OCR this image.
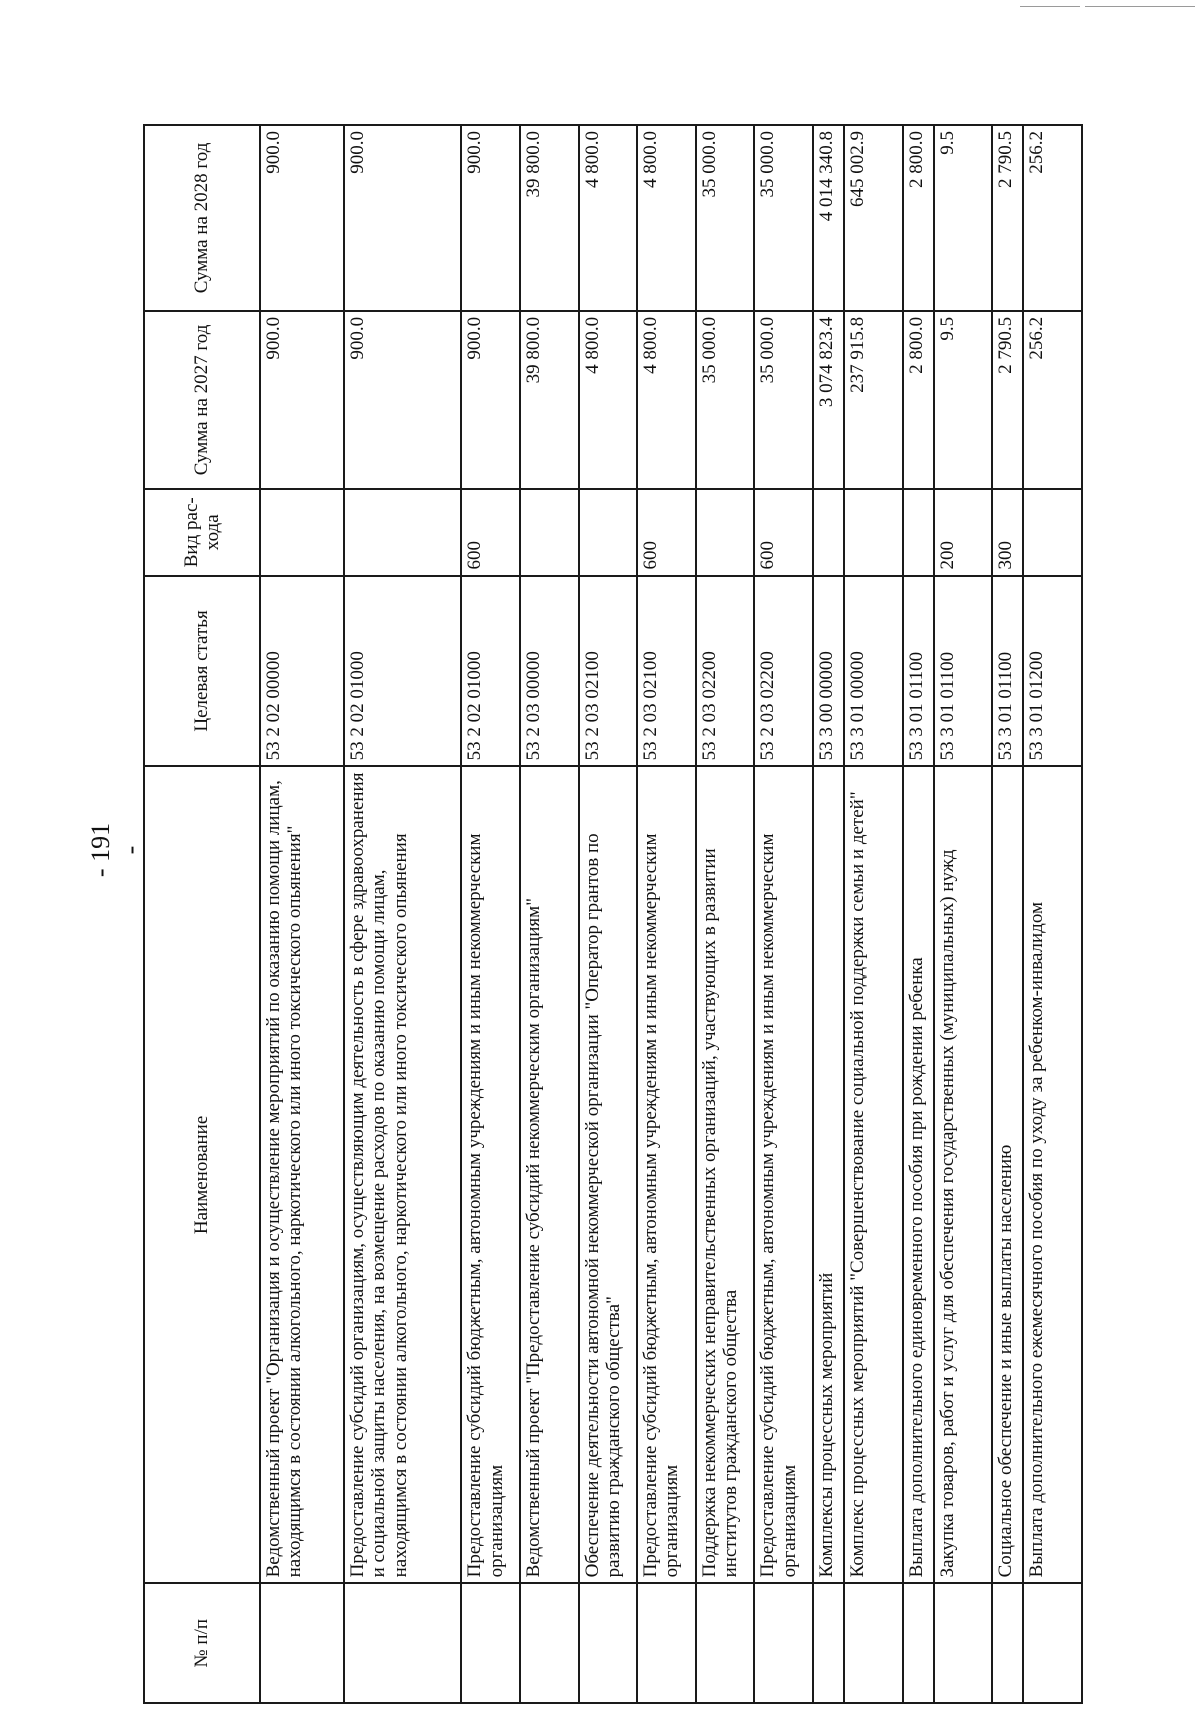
- 191 -
№ п/п	Наименование	Целевая статья	Вид рас- хода	Сумма на 2027 год	Сумма на 2028 год
	Ведомственный проект "Организация и осуществление мероприятий по оказанию помощи лицам, находящимся в состоянии алкогольного, наркотического или иного токсического опьянения"	53 2 02 00000		900.0	900.0
	Предоставление субсидий организациям, осуществляющим деятельность в сфере здравоохранения и социальной защиты населения, на возмещение расходов по оказанию помощи лицам, находящимся в состоянии алкогольного, наркотического или иного токсического опьянения	53 2 02 01000		900.0	900.0
	Предоставление субсидий бюджетным, автономным учреждениям и иным некоммерческим организациям	53 2 02 01000	600	900.0	900.0
	Ведомственный проект "Предоставление субсидий некоммерческим организациям"	53 2 03 00000		39 800.0	39 800.0
	Обеспечение деятельности автономной некоммерческой организации "Оператор грантов по развитию гражданского общества"	53 2 03 02100		4 800.0	4 800.0
	Предоставление субсидий бюджетным, автономным учреждениям и иным некоммерческим организациям	53 2 03 02100	600	4 800.0	4 800.0
	Поддержка некоммерческих неправительственных организаций, участвующих в развитии институтов гражданского общества	53 2 03 02200		35 000.0	35 000.0
	Предоставление субсидий бюджетным, автономным учреждениям и иным некоммерческим организациям	53 2 03 02200	600	35 000.0	35 000.0
	Комплексы процессных мероприятий	53 3 00 00000		3 074 823.4	4 014 340.8
	Комплекс процессных мероприятий "Совершенствование социальной поддержки семьи и детей"	53 3 01 00000		237 915.8	645 002.9
	Выплата дополнительного единовременного пособия при рождении ребенка	53 3 01 01100		2 800.0	2 800.0
	Закупка товаров, работ и услуг для обеспечения государственных (муниципальных) нужд	53 3 01 01100	200	9.5	9.5
	Социальное обеспечение и иные выплаты населению	53 3 01 01100	300	2 790.5	2 790.5
	Выплата дополнительного ежемесячного пособия по уходу за ребенком-инвалидом	53 3 01 01200		256.2	256.2
